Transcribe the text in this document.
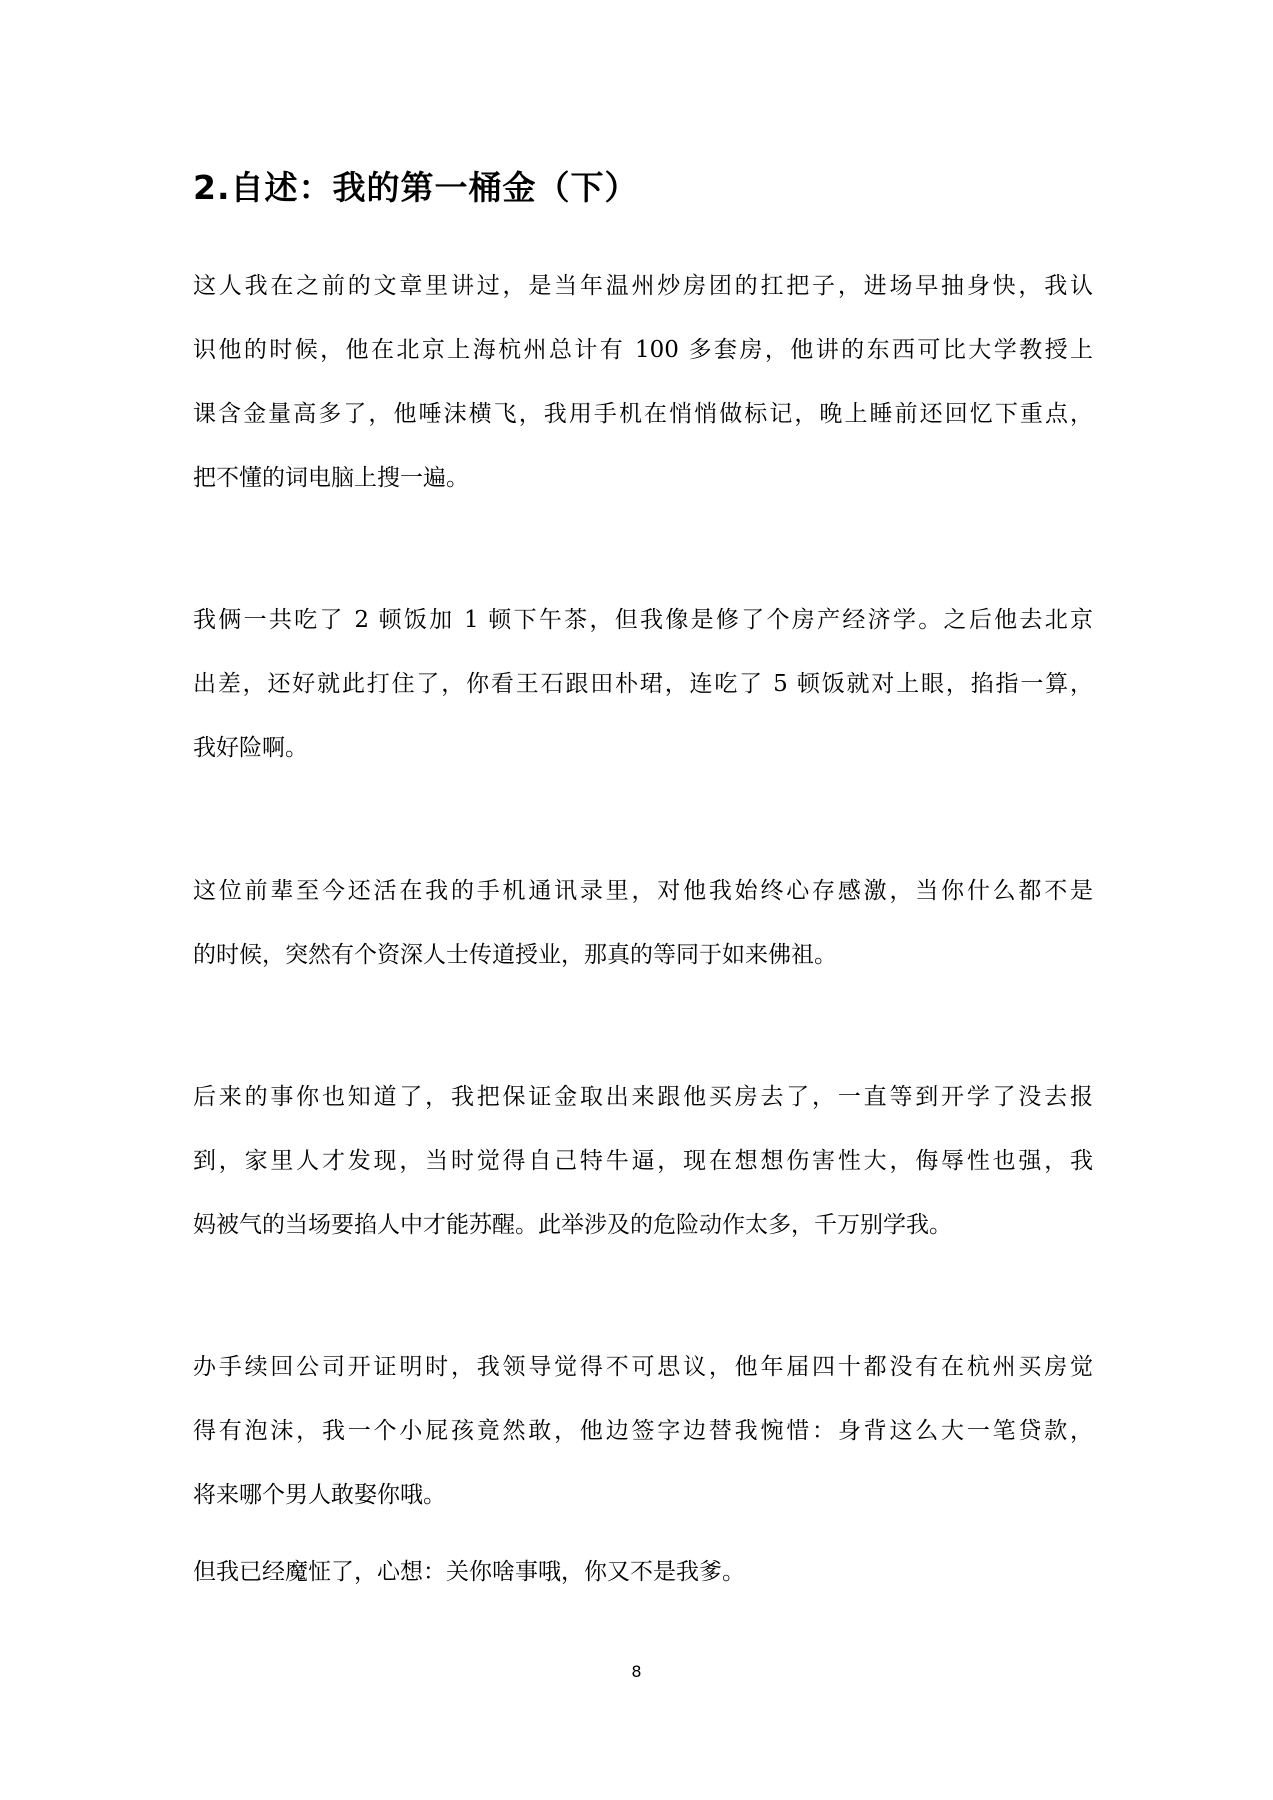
2.自述：我的第一桶金（下）
这人我在之前的文章里讲过，是当年温州炒房团的扛把子，进场早抽身快，我认
识他的时候，他在北京上海杭州总计有 100 多套房，他讲的东西可比大学教授上
课含金量高多了，他唾沫横飞，我用手机在悄悄做标记，晚上睡前还回忆下重点，
把不懂的词电脑上搜一遍。
我俩一共吃了 2 顿饭加 1 顿下午茶，但我像是修了个房产经济学。之后他去北京
出差，还好就此打住了，你看王石跟田朴珺，连吃了 5 顿饭就对上眼，掐指一算，
我好险啊。
这位前辈至今还活在我的手机通讯录里，对他我始终心存感激，当你什么都不是
的时候，突然有个资深人士传道授业，那真的等同于如来佛祖。
后来的事你也知道了，我把保证金取出来跟他买房去了，一直等到开学了没去报
到，家里人才发现，当时觉得自己特牛逼，现在想想伤害性大，侮辱性也强，我
妈被气的当场要掐人中才能苏醒。此举涉及的危险动作太多，千万别学我。
办手续回公司开证明时，我领导觉得不可思议，他年届四十都没有在杭州买房觉
得有泡沫，我一个小屁孩竟然敢，他边签字边替我惋惜：身背这么大一笔贷款，
将来哪个男人敢娶你哦。
但我已经魔怔了，心想：关你啥事哦，你又不是我爹。
8
